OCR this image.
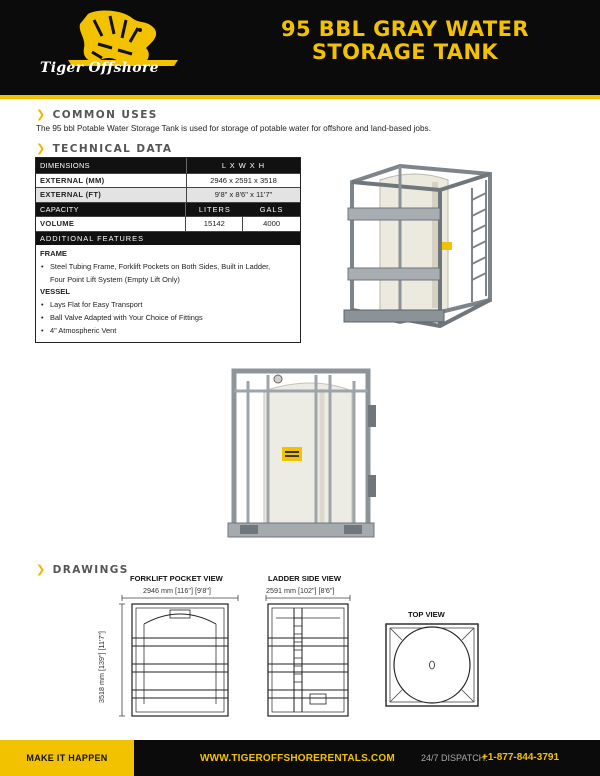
Tiger Offshore
95 BBL GRAY WATER
STORAGE TANK
❯ COMMON USES
The 95 bbl Potable Water Storage Tank is used for storage of potable water for offshore and land-based jobs.
❯ TECHNICAL DATA
DIMENSIONS	L X W X H
EXTERNAL (MM)	2946 x 2591 x 3518
EXTERNAL (FT)	9'8" x 8'6" x 11'7"
CAPACITY	LITERS	GALS
VOLUME	15142	4000
ADDITIONAL FEATURES
FRAME
• Steel Tubing Frame, Forklift Pockets on Both Sides, Built in Ladder,
Four Point Lift System (Empty Lift Only)
VESSEL
• Lays Flat for Easy Transport
• Ball Valve Adapted with Your Choice of Fittings
• 4" Atmospheric Vent
❯ DRAWINGS
FORKLIFT POCKET VIEW
2946 mm [116"] [9'8"]
LADDER SIDE VIEW
2591 mm [102"] [8'6"]
TOP VIEW
3518 mm [139"] [11'7"]
MAKE IT HAPPEN	WWW.TIGEROFFSHORERENTALS.COM	24/7 DISPATCH:
+1-877-844-3791
